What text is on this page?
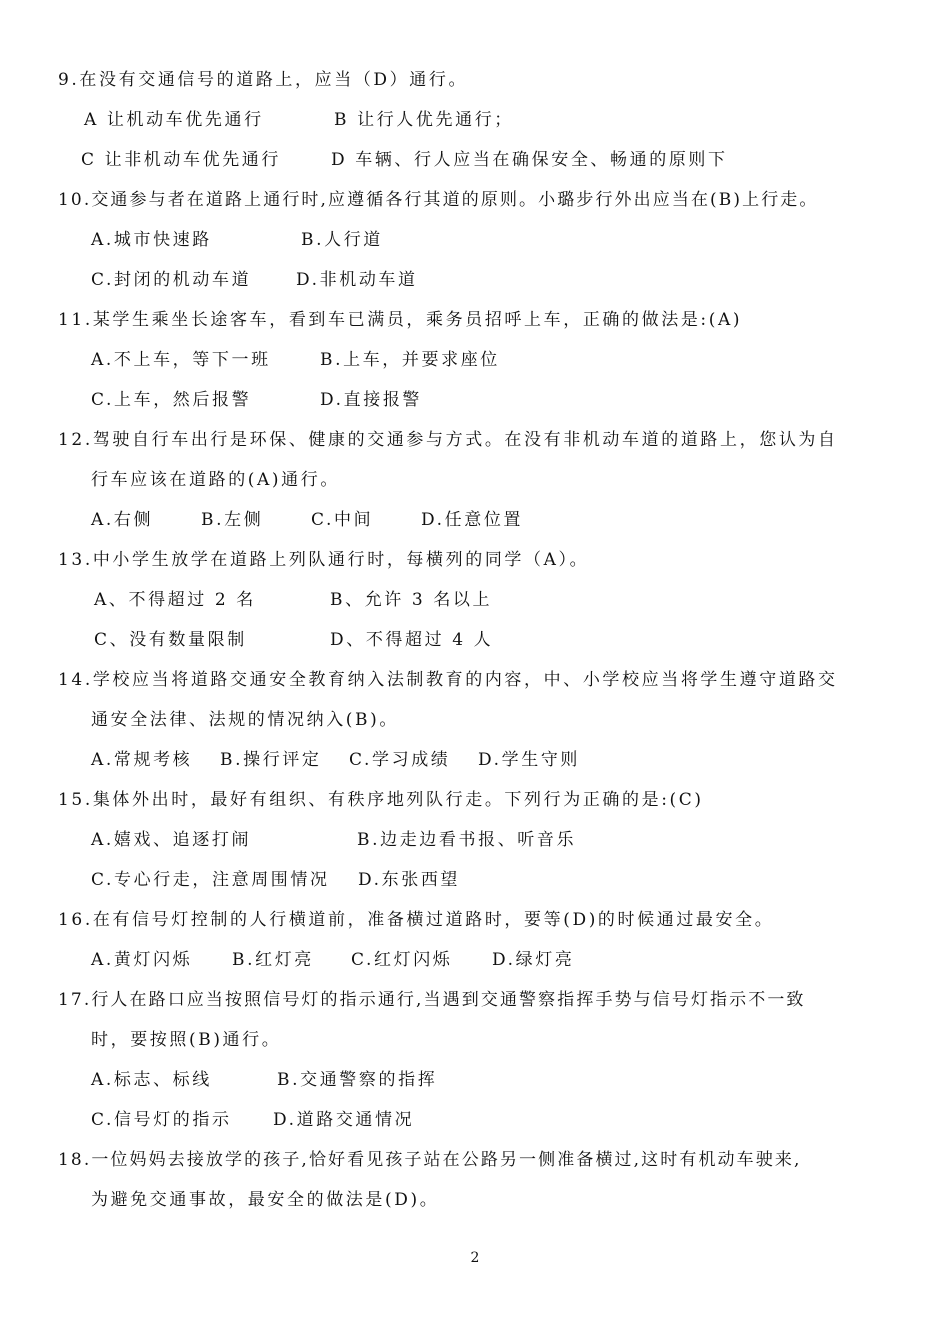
9.在没有交通信号的道路上，应当（D）通行。
A 让机动车优先通行	B 让行人优先通行；
C 让非机动车优先通行	D 车辆、行人应当在确保安全、畅通的原则下
10.交通参与者在道路上通行时,应遵循各行其道的原则。小璐步行外出应当在(B)上行走。
A.城市快速路	B.人行道
C.封闭的机动车道	D.非机动车道
11.某学生乘坐长途客车，看到车已满员，乘务员招呼上车，正确的做法是:(A)
A.不上车，等下一班	B.上车，并要求座位
C.上车，然后报警	D.直接报警
12.驾驶自行车出行是环保、健康的交通参与方式。在没有非机动车道的道路上，您认为自
行车应该在道路的(A)通行。
A.右侧	B.左侧	C.中间	D.任意位置
13.中小学生放学在道路上列队通行时，每横列的同学（A）。
A、不得超过 2 名	B、允许 3 名以上
C、没有数量限制	D、不得超过 4 人
14.学校应当将道路交通安全教育纳入法制教育的内容，中、小学校应当将学生遵守道路交
通安全法律、法规的情况纳入(B)。
A.常规考核 B.操行评定 C.学习成绩 D.学生守则
15.集体外出时，最好有组织、有秩序地列队行走。下列行为正确的是:(C)
A.嬉戏、追逐打闹	B.边走边看书报、听音乐
C.专心行走，注意周围情况 D.东张西望
16.在有信号灯控制的人行横道前，准备横过道路时，要等(D)的时候通过最安全。
A.黄灯闪烁 B.红灯亮 C.红灯闪烁 D.绿灯亮
17.行人在路口应当按照信号灯的指示通行,当遇到交通警察指挥手势与信号灯指示不一致
时，要按照(B)通行。
A.标志、标线	B.交通警察的指挥
C.信号灯的指示 D.道路交通情况
18.一位妈妈去接放学的孩子,恰好看见孩子站在公路另一侧准备横过,这时有机动车驶来,
为避免交通事故，最安全的做法是(D)。
2
